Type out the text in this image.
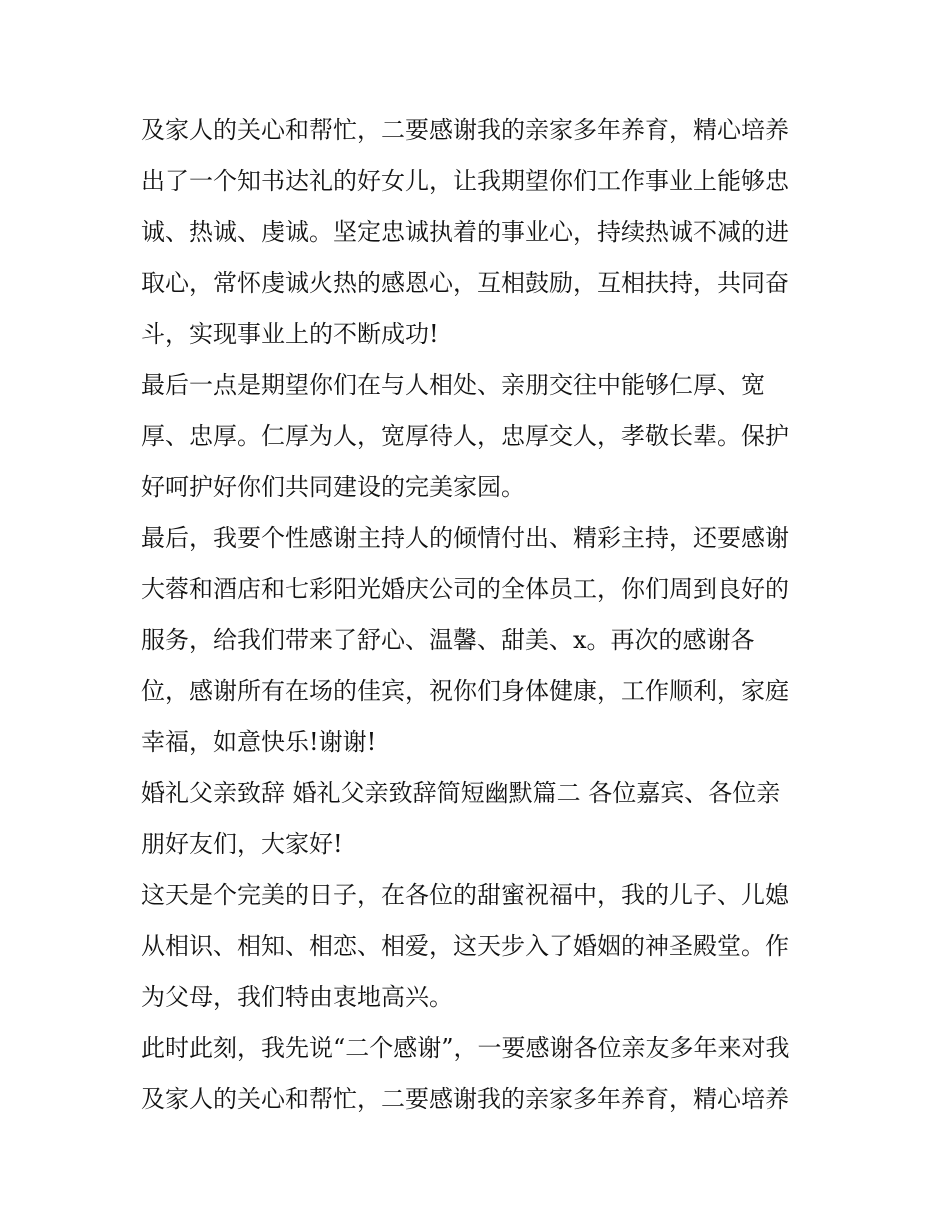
及家人的关心和帮忙，二要感谢我的亲家多年养育，精心培养
出了一个知书达礼的好女儿，让我期望你们工作事业上能够忠
诚、热诚、虔诚。坚定忠诚执着的事业心，持续热诚不减的进
取心，常怀虔诚火热的感恩心，互相鼓励，互相扶持，共同奋
斗，实现事业上的不断成功!
最后一点是期望你们在与人相处、亲朋交往中能够仁厚、宽
厚、忠厚。仁厚为人，宽厚待人，忠厚交人，孝敬长辈。保护
好呵护好你们共同建设的完美家园。
最后，我要个性感谢主持人的倾情付出、精彩主持，还要感谢
大蓉和酒店和七彩阳光婚庆公司的全体员工，你们周到良好的
服务，给我们带来了舒心、温馨、甜美、x。再次的感谢各
位，感谢所有在场的佳宾，祝你们身体健康，工作顺利，家庭
幸福，如意快乐!谢谢!
婚礼父亲致辞 婚礼父亲致辞简短幽默篇二 各位嘉宾、各位亲
朋好友们，大家好!
这天是个完美的日子，在各位的甜蜜祝福中，我的儿子、儿媳
从相识、相知、相恋、相爱，这天步入了婚姻的神圣殿堂。作
为父母，我们特由衷地高兴。
此时此刻，我先说“二个感谢”，一要感谢各位亲友多年来对我
及家人的关心和帮忙，二要感谢我的亲家多年养育，精心培养
